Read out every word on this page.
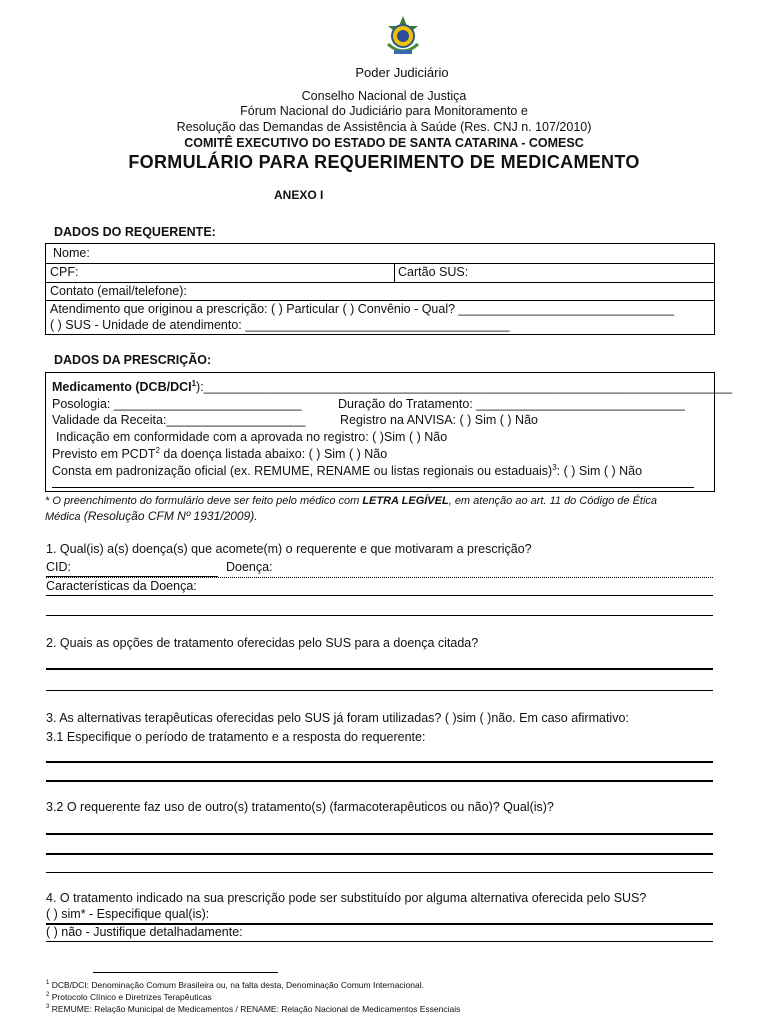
Poder Judiciário
Conselho Nacional de Justiça
Fórum Nacional do Judiciário para Monitoramento e
Resolução das Demandas de Assistência à Saúde (Res. CNJ n. 107/2010)
COMITÊ EXECUTIVO DO ESTADO DE SANTA CATARINA - COMESC
FORMULÁRIO PARA REQUERIMENTO DE MEDICAMENTO
ANEXO I
DADOS DO REQUERENTE:
Nome:
CPF:	Cartão SUS:
Contato (email/telefone):
Atendimento que originou a prescrição: ( ) Particular ( ) Convênio - Qual? _______________________________
( ) SUS - Unidade de atendimento: ______________________________________
DADOS DA PRESCRIÇÃO:
Medicamento (DCB/DCI$^1$):____________________________________________________________________________
Posologia: ___________________________	Duração do Tratamento: ______________________________
Validade da Receita:____________________	Registro na ANVISA: ( ) Sim ( ) Não
Indicação em conformidade com a aprovada no registro: ( )Sim ( ) Não
Previsto em PCDT$^2$ da doença listada abaixo: ( ) Sim ( ) Não
Consta em padronização oficial (ex. REMUME, RENAME ou listas regionais ou estaduais)$^3$: ( ) Sim ( ) Não
* O preenchimento do formulário deve ser feito pelo médico com LETRA LEGÍVEL, em atenção ao art. 11 do Código de Ética
Médica (Resolução CFM Nº 1931/2009).
1. Qual(is) a(s) doença(s) que acomete(m) o requerente e que motivaram a prescrição?
CID:	Doença:
Características da Doença:
2. Quais as opções de tratamento oferecidas pelo SUS para a doença citada?
3. As alternativas terapêuticas oferecidas pelo SUS já foram utilizadas? ( )sim ( )não. Em caso afirmativo:
3.1 Especifique o período de tratamento e a resposta do requerente:
3.2 O requerente faz uso de outro(s) tratamento(s) (farmacoterapêuticos ou não)? Qual(is)?
4. O tratamento indicado na sua prescrição pode ser substituído por alguma alternativa oferecida pelo SUS?
( ) sim* - Especifique qual(is):
( ) não - Justifique detalhadamente:
$^1$ DCB/DCI: Denominação Comum Brasileira ou, na falta desta, Denominação Comum Internacional.
$^2$ Protocolo Clínico e Diretrizes Terapêuticas
$^3$ REMUME: Relação Municipal de Medicamentos / RENAME: Relação Nacional de Medicamentos Essenciais
